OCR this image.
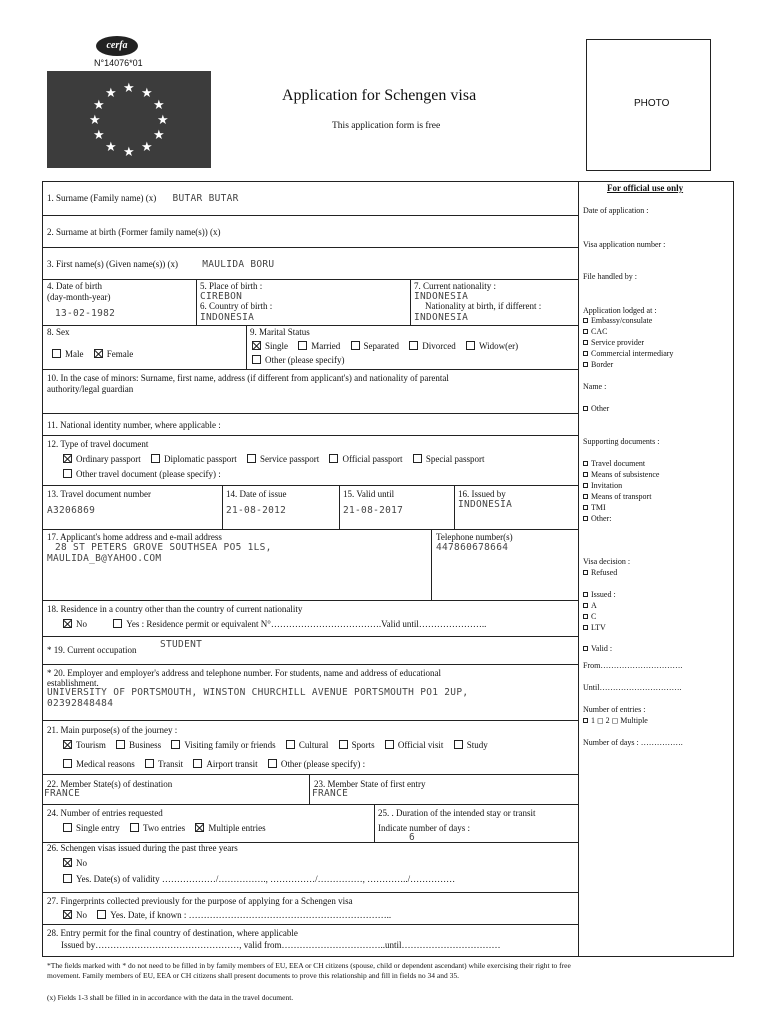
cerfa
N°14076*01
★ ★
★
★
★
★
★
★
★
★
★
★	Application for Schengen visa
This application form is free
PHOTO
1. Surname (Family name) (x) BUTAR BUTAR
2. Surname at birth (Former family name(s)) (x)
3. First name(s) (Given name(s)) (x)	MAULIDA BORU
4. Date of birth
(day-month-year)
13-02-1982
5. Place of birth :
CIREBON
6. Country of birth :
INDONESIA
7. Current nationality :
INDONESIA
Nationality at birth, if different :
INDONESIA
8. Sex
Male	Female
9. Marital Status
Single	Married	Separated	Divorced	Widow(er)
Other (please specify)
10. In the case of minors: Surname, first name, address (if different from applicant's) and nationality of parental
authority/legal guardian
11. National identity number, where applicable :
12. Type of travel document
Ordinary passport	Diplomatic passport	Service passport	Official passport	Special passport
Other travel document (please specify) :
13. Travel document number
A3206869
14. Date of issue
21-08-2012
15. Valid until
21-08-2017
16. Issued by
INDONESIA
17. Applicant's home address and e-mail address
28 ST PETERS GROVE SOUTHSEA PO5 1LS,
MAULIDA_B@YAHOO.COM
Telephone number(s)
447860678664
18. Residence in a country other than the country of current nationality
No	Yes : Residence permit or equivalent N°……………………………….Valid until…………………..
* 19. Current occupation STUDENT
* 20. Employer and employer's address and telephone number. For students, name and address of educational
establishment.
UNIVERSITY OF PORTSMOUTH, WINSTON CHURCHILL AVENUE PORTSMOUTH PO1 2UP,
02392848484
21. Main purpose(s) of the journey :
Tourism	Business	Visiting family or friends	Cultural	Sports	Official visit	Study
Medical reasons	Transit	Airport transit	Other (please specify) :
22. Member State(s) of destination
FRANCE
23. Member State of first entry
FRANCE
24. Number of entries requested
Single entry	Two entries	Multiple entries
25. . Duration of the intended stay or transit
Indicate number of days :
6
26. Schengen visas issued during the past three years
No
Yes. Date(s) of validity ………………/……………., ……………/……………, …………../……………
27. Fingerprints collected previously for the purpose of applying for a Schengen visa
No	Yes. Date, if known : …………………………………………………………..
28. Entry permit for the final country of destination, where applicable
Issued by…………………………………………, valid from……………………………..until……………………………
For official use only
Date of application :
Visa application number :
File handled by :
Application lodged at :
Embassy/consulate
CAC
Service provider
Commercial intermediary
Border
Name :
Other
Supporting documents :
Travel document
Means of subsistence
Invitation
Means of transport
TMI
Other:
Visa decision :
Refused
Issued :
A
C
LTV
Valid :
From………………………….
Until………………………….
Number of entries :
1 ◻ 2 ◻ Multiple
Number of days : …………….
*The fields marked with * do not need to be filled in by family members of EU, EEA or CH citizens (spouse, child or dependent ascendant) while exercising their right to free
movement. Family members of EU, EEA or CH citizens shall present documents to prove this relationship and fill in fields no 34 and 35.
(x) Fields 1-3 shall be filled in in accordance with the data in the travel document.
